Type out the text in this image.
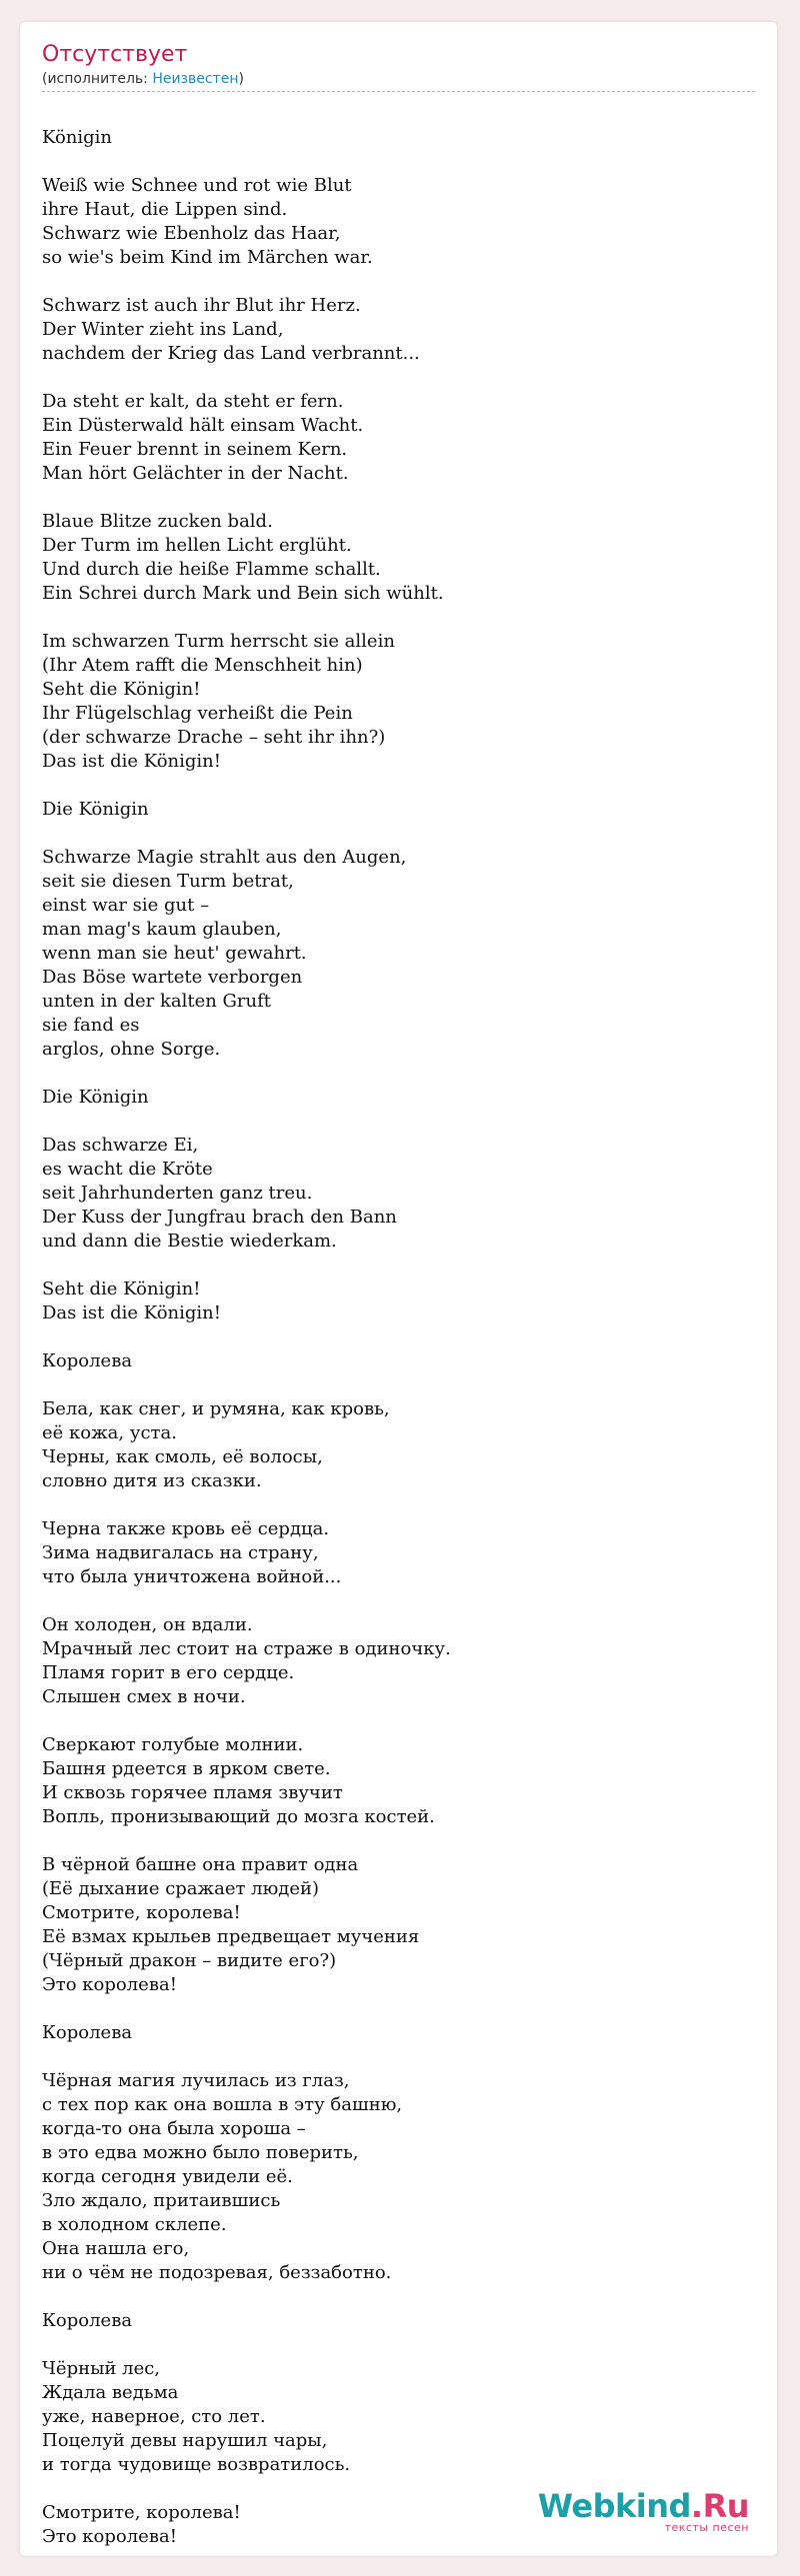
Отсутствует
(исполнитель: Неизвестен)
Königin
Weiß wie Schnee und rot wie Blut
ihre Haut, die Lippen sind.
Schwarz wie Ebenholz das Haar,
so wie's beim Kind im Märchen war.
Schwarz ist auch ihr Blut ihr Herz.
Der Winter zieht ins Land,
nachdem der Krieg das Land verbrannt...
Da steht er kalt, da steht er fern.
Ein Düsterwald hält einsam Wacht.
Ein Feuer brennt in seinem Kern.
Man hört Gelächter in der Nacht.
Blaue Blitze zucken bald.
Der Turm im hellen Licht erglüht.
Und durch die heiße Flamme schallt.
Ein Schrei durch Mark und Bein sich wühlt.
Im schwarzen Turm herrscht sie allein
(Ihr Atem rafft die Menschheit hin)
Seht die Königin!
Ihr Flügelschlag verheißt die Pein
(der schwarze Drache – seht ihr ihn?)
Das ist die Königin!
Die Königin
Schwarze Magie strahlt aus den Augen,
seit sie diesen Turm betrat,
einst war sie gut –
man mag's kaum glauben,
wenn man sie heut' gewahrt.
Das Böse wartete verborgen
unten in der kalten Gruft
sie fand es
arglos, ohne Sorge.
Die Königin
Das schwarze Ei,
es wacht die Kröte
seit Jahrhunderten ganz treu.
Der Kuss der Jungfrau brach den Bann
und dann die Bestie wiederkam.
Seht die Königin!
Das ist die Königin!
Королева
Бела, как снег, и румяна, как кровь,
её кожа, уста.
Черны, как смоль, её волосы,
словно дитя из сказки.
Черна также кровь её сердца.
Зима надвигалась на страну,
что была уничтожена войной...
Он холоден, он вдали.
Мрачный лес стоит на страже в одиночку.
Пламя горит в его сердце.
Слышен смех в ночи.
Сверкают голубые молнии.
Башня рдеется в ярком свете.
И сквозь горячее пламя звучит
Вопль, пронизывающий до мозга костей.
В чёрной башне она правит одна
(Её дыхание сражает людей)
Смотрите, королева!
Её взмах крыльев предвещает мучения
(Чёрный дракон – видите его?)
Это королева!
Королева
Чёрная магия лучилась из глаз,
с тех пор как она вошла в эту башню,
когда-то она была хороша –
в это едва можно было поверить,
когда сегодня увидели её.
Зло ждало, притаившись
в холодном склепе.
Она нашла его,
ни о чём не подозревая, беззаботно.
Королева
Чёрный лес,
Ждала ведьма
уже, наверное, сто лет.
Поцелуй девы нарушил чары,
и тогда чудовище возвратилось.
Смотрите, королева!
Это королева!
Webkind.Ru
тексты песен
